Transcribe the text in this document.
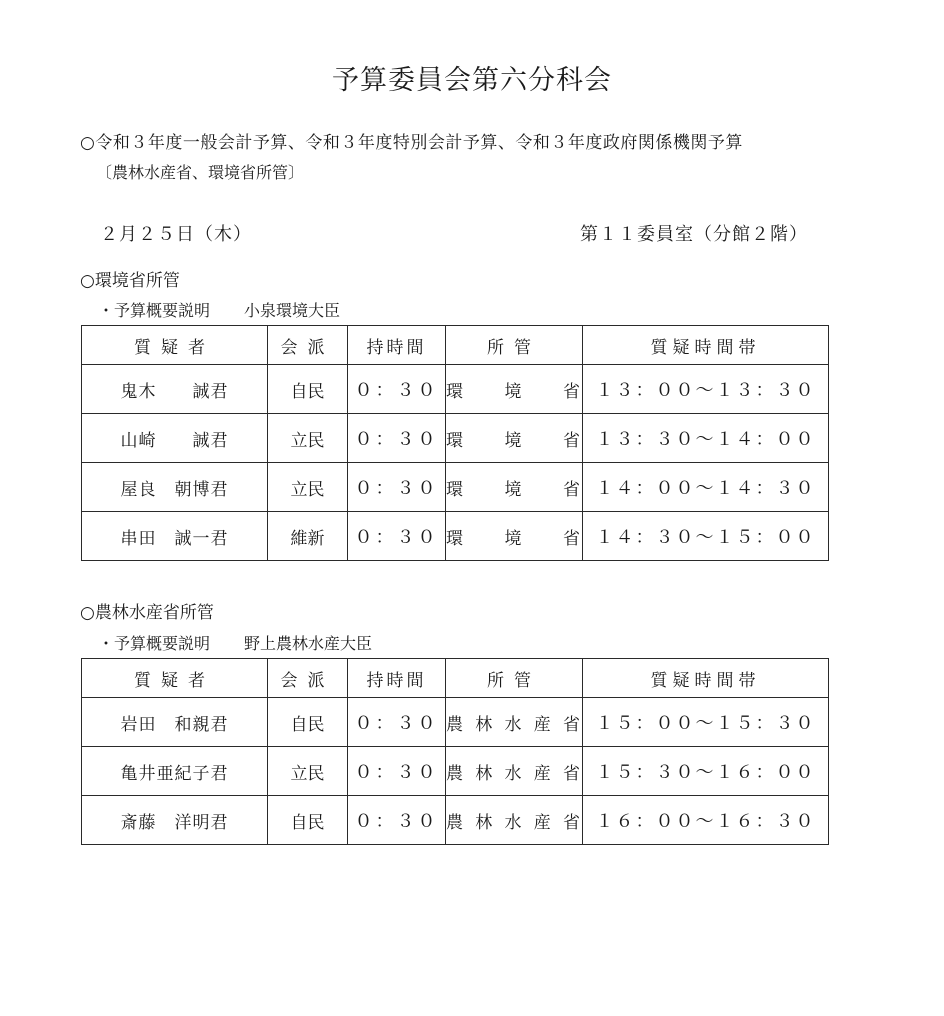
予算委員会第六分科会
○令和３年度一般会計予算、令和３年度特別会計予算、令和３年度政府関係機関予算
〔農林水産省、環境省所管〕
２月２５日（木）	第１１委員室（分館２階）
○環境省所管
・予算概要説明 小泉環境大臣
質疑者	会派	持時間	所管	質疑時間帯
鬼木　　誠君	自民	０：３０	環　境　省	１３：００～１３：３０
山崎　　誠君	立民	０：３０	環　境　省	１３：３０～１４：００
屋良　朝博君	立民	０：３０	環　境　省	１４：００～１４：３０
串田　誠一君	維新	０：３０	環　境　省	１４：３０～１５：００
○農林水産省所管
・予算概要説明 野上農林水産大臣
質疑者	会派	持時間	所管	質疑時間帯
岩田　和親君	自民	０：３０	農林水産省	１５：００～１５：３０
亀井亜紀子君	立民	０：３０	農林水産省	１５：３０～１６：００
斎藤　洋明君	自民	０：３０	農林水産省	１６：００～１６：３０
